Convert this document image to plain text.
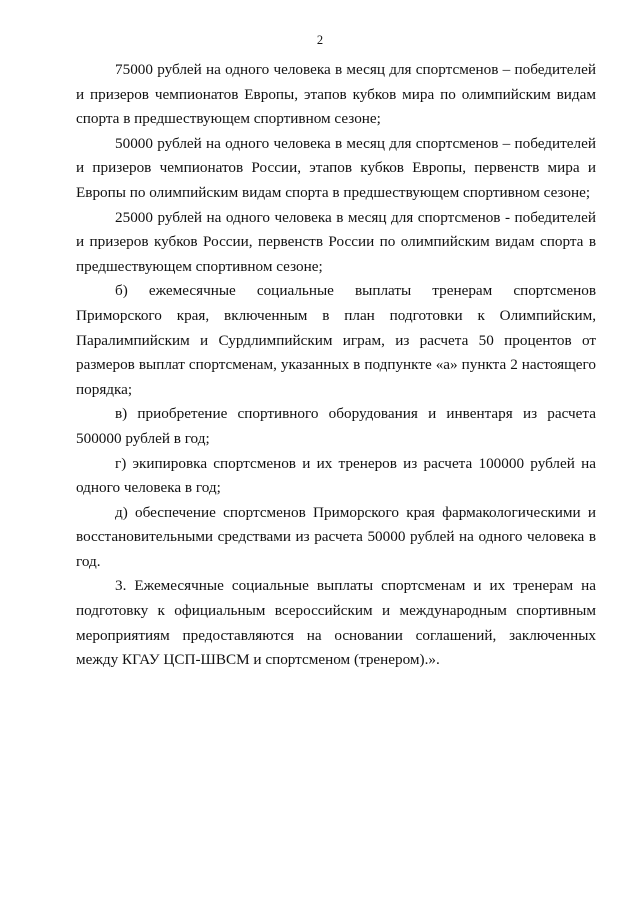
2

75000 рублей на одного человека в месяц для спортсменов – победителей и призеров чемпионатов Европы, этапов кубков мира по олимпийским видам спорта в предшествующем спортивном сезоне;

50000 рублей на одного человека в месяц для спортсменов – победителей и призеров чемпионатов России, этапов кубков Европы, первенств мира и Европы по олимпийским видам спорта в предшествующем спортивном сезоне;

25000 рублей на одного человека в месяц для спортсменов - победителей и призеров кубков России, первенств России по олимпийским видам спорта в предшествующем спортивном сезоне;

б) ежемесячные социальные выплаты тренерам спортсменов Приморского края, включенным в план подготовки к Олимпийским, Паралимпийским и Сурдлимпийским играм, из расчета 50 процентов от размеров выплат спортсменам, указанных в подпункте «а» пункта 2 настоящего порядка;

в) приобретение спортивного оборудования и инвентаря из расчета 500000 рублей в год;

г) экипировка спортсменов и их тренеров из расчета 100000 рублей на одного человека в год;

д) обеспечение спортсменов Приморского края фармакологическими и восстановительными средствами из расчета 50000 рублей на одного человека в год.

3. Ежемесячные социальные выплаты спортсменам и их тренерам на подготовку к официальным всероссийским и международным спортивным мероприятиям предоставляются на основании соглашений, заключенных между КГАУ ЦСП-ШВСМ и спортсменом (тренером).».
